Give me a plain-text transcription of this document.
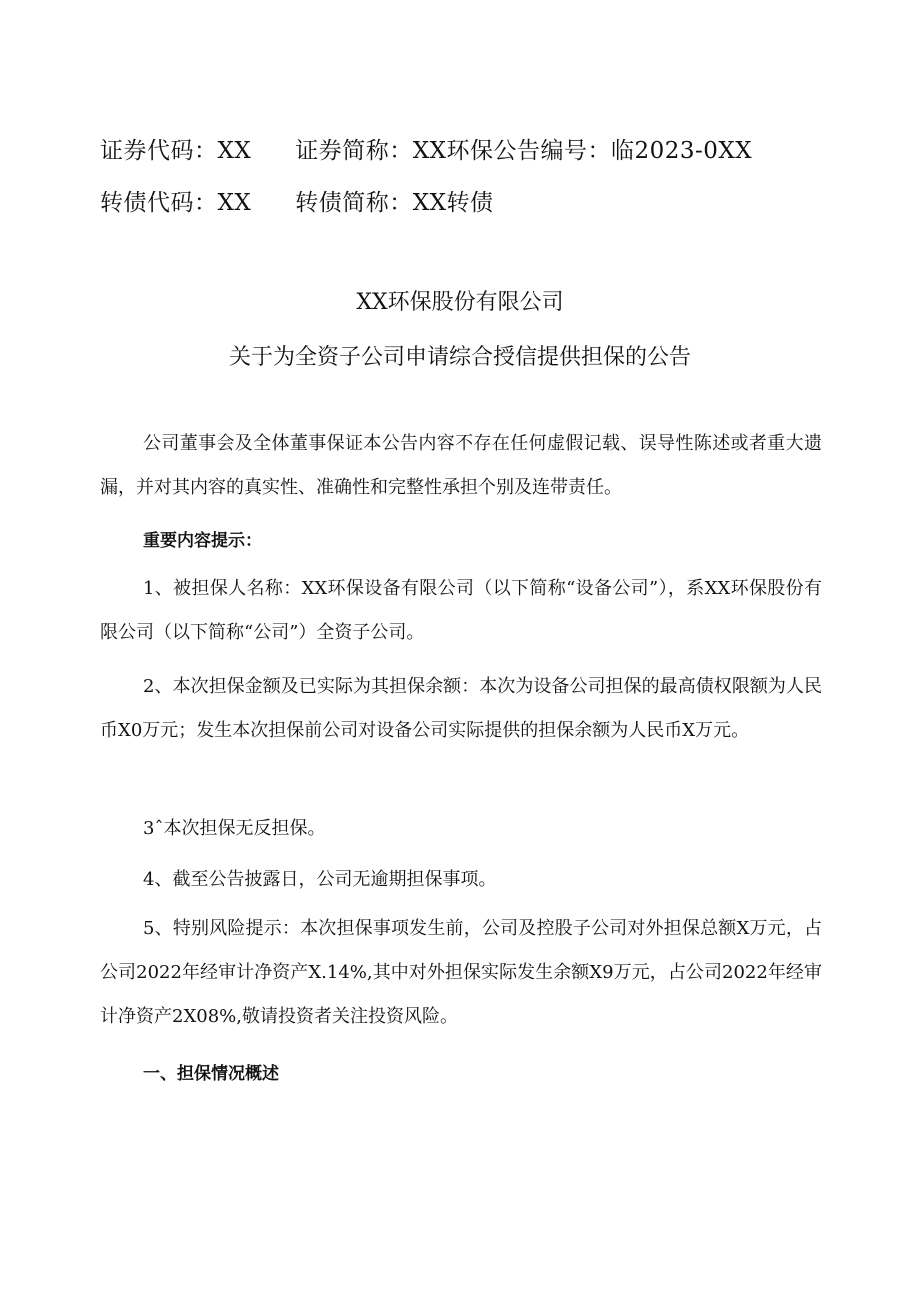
证券代码：XX 证券简称：XX环保公告编号：临2023-0XX
转债代码：XX 转债简称：XX转债
XX环保股份有限公司
关于为全资子公司申请综合授信提供担保的公告
公司董事会及全体董事保证本公告内容不存在任何虚假记载、误导性陈述或者重大遗漏，并对其内容的真实性、准确性和完整性承担个别及连带责任。
重要内容提示：
1、被担保人名称：XX环保设备有限公司（以下简称“设备公司”），系XX环保股份有限公司（以下简称“公司”）全资子公司。
2、本次担保金额及已实际为其担保余额：本次为设备公司担保的最高债权限额为人民币X0万元；发生本次担保前公司对设备公司实际提供的担保余额为人民币X万元。
3ˆ本次担保无反担保。
4、截至公告披露日，公司无逾期担保事项。
5、特别风险提示：本次担保事项发生前，公司及控股子公司对外担保总额X万元，占公司2022年经审计净资产X.14%,其中对外担保实际发生余额X9万元，占公司2022年经审计净资产2X08%,敬请投资者关注投资风险。
一、担保情况概述
